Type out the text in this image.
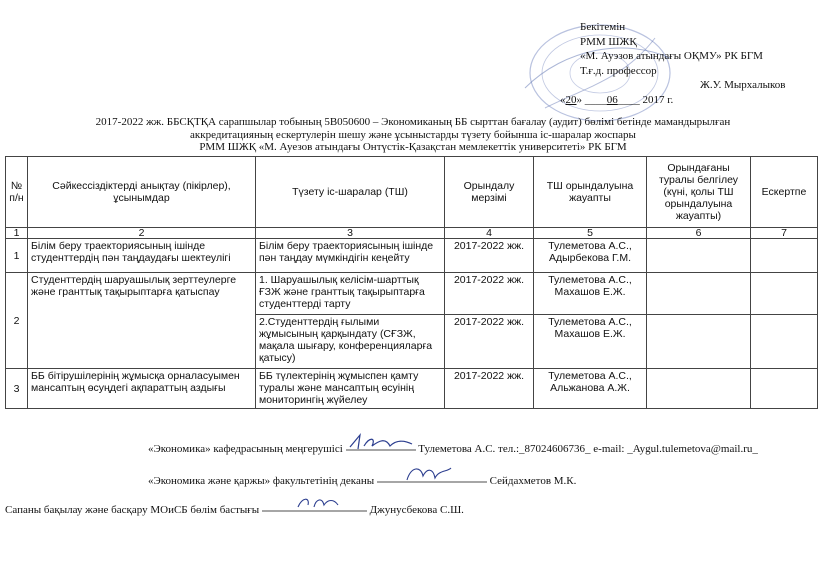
Бекітемін
РММ ШЖҚ
«М. Ауэзов атындағы ОҚМУ» РК БГМ
Т.ғ.д. профессор
Ж.У. Мырхалыков
«20» ____06____ 2017 г.
2017-2022 жж. ББСҚТҚА сарапшылар тобының 5В050600 – Экономиканың ББ сырттан бағалау (аудит) бөлімі бетінде мамандырылған
аккредитацияның ескертулерін шешу және ұсыныстарды түзету бойынша іс-шаралар жоспары
РММ ШЖҚ «М. Ауезов атындағы Онтүстік-Қазақстан мемлекеттік университеті» РК БГМ
№ п/н	Сәйкессіздіктерді анықтау (пікірлер), ұсынымдар	Түзету іс-шаралар (ТШ)	Орындалу мерзімі	ТШ орындалуына жауапты	Орындағаны туралы белгілеу (күні, қолы ТШ орындалуына жауапты)	Ескертпе
1	2	3	4	5	6	7
1	Білім беру траекториясының ішінде студенттердің пән таңдаудағы шектеулігі	Білім беру траекториясының ішінде пән таңдау мүмкіндігін кеңейту	2017-2022 жж.	Тулеметова А.С., Адырбекова Г.М.		
2	Студенттердің шаруашылық зерттеулерге және гранттық тақырыптарға қатыспау	1. Шаруашылық келісім-шарттық ҒЗЖ және гранттық тақырыптарға студенттерді тарту	2017-2022 жж.	Тулеметова А.С., Махашов Е.Ж.		
		2.Студенттердің ғылыми жұмысының қарқындату (СҒЗЖ, мақала шығару, конференцияларға қатысу)	2017-2022 жж.	Тулеметова А.С., Махашов Е.Ж.		
3	ББ бітірушілерінің жұмысқа орналасуымен мансаптың өсуңдегі ақпараттың аздығы	ББ түлектерінің жұмыспен қамту туралы және мансаптың өсуінің мониторингің жүйелеу	2017-2022 жж.	Тулеметова А.С., Альжанова А.Ж.		
«Экономика» кафедрасының меңгерушісі	Тулеметова А.С. тел.:_87024606736_ e-mail: _Aygul.tulemetova@mail.ru_
«Экономика және қаржы» факультетінің деканы	Сейдахметов М.К.
Сапаны бақылау және басқару МОиСБ бөлім бастығы	Джунусбекова С.Ш.
